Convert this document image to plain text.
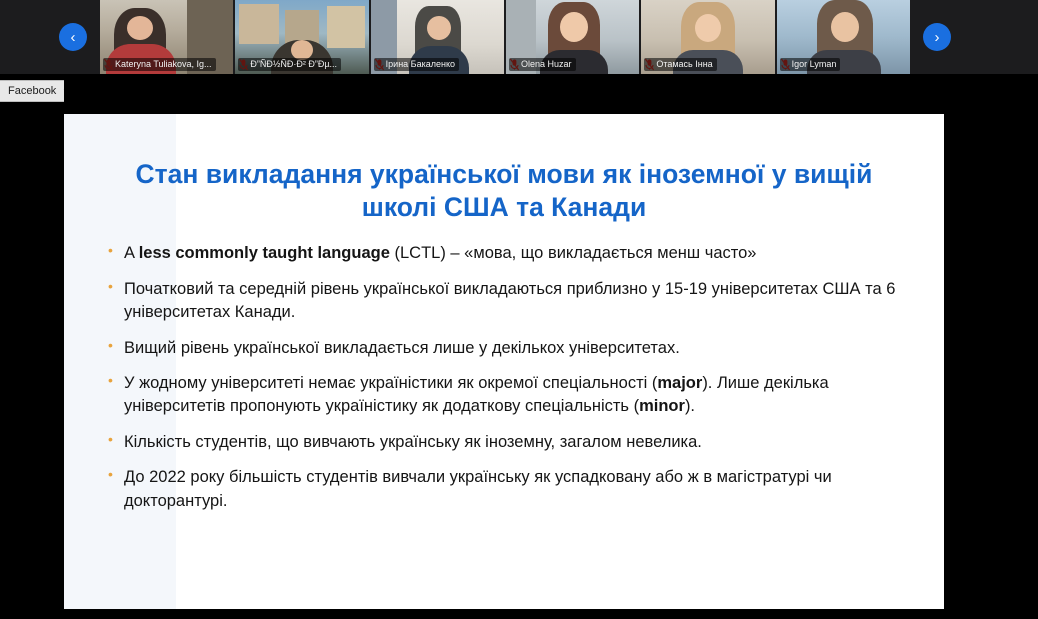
‹
Kateryna Tuliakova, Ig...	Ð”ÑÐ½ÑÐ·Ð² Ð”Ðµ...	Ірина Бакаленко	Olena Huzar	Отамась Інна	Igor Lyman
›
Facebook
Стан викладання української мови як іноземної у вищій школі США та Канади
• A less commonly taught language (LCTL) – «мова, що викладається менш часто»
• Початковий та середній рівень української викладаються приблизно у 15-19 університетах США та 6 університетах Канади.
• Вищий рівень української викладається лише у декількох університетах.
• У жодному університеті немає україністики як окремої спеціальності (major). Лише декілька університетів пропонують україністику як додаткову спеціальність (minor).
• Кількість студентів, що вивчають українську як іноземну, загалом невелика.
• До 2022 року більшість студентів вивчали українську як успадковану або ж в магістратурі чи докторантурі.
